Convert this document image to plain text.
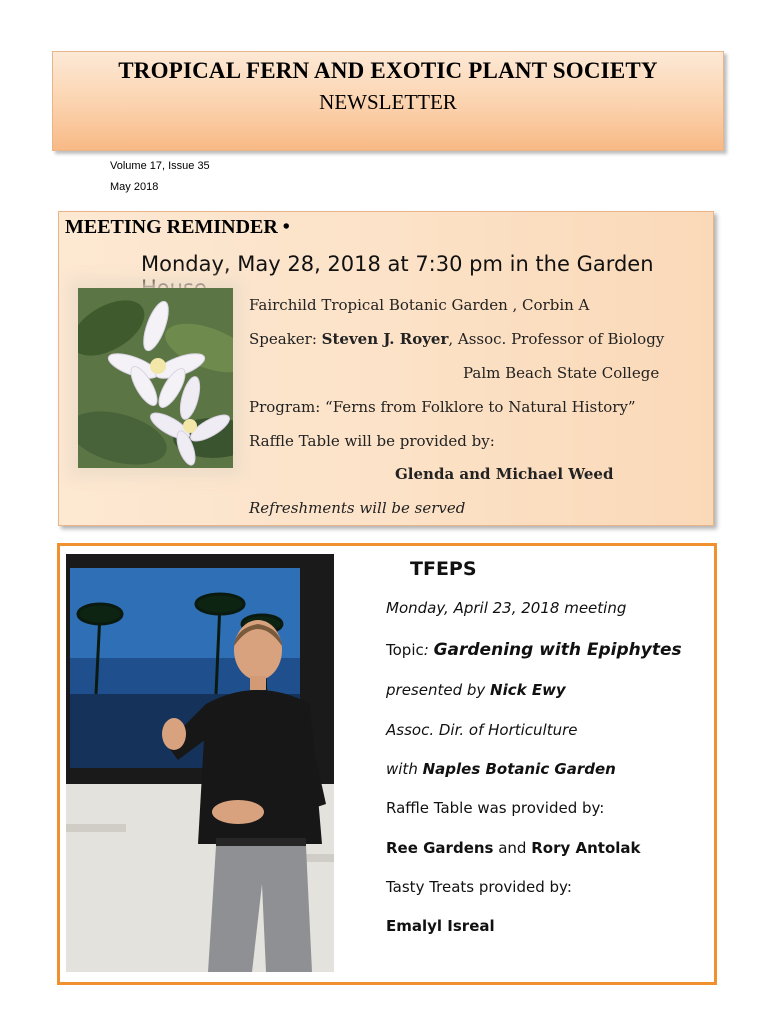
TROPICAL FERN AND EXOTIC PLANT SOCIETY
NEWSLETTER
Volume 17, Issue 35
May 2018
MEETING REMINDER •
Monday, May 28, 2018 at 7:30 pm in the Garden
Fairchild Tropical Botanic Garden , Corbin A
Speaker: Steven J. Royer, Assoc. Professor of Biology
Palm Beach State College
Program: “Ferns from Folklore to Natural History”
Raffle Table will be provided by:
Glenda and Michael Weed
Refreshments will be served
TFEPS
Monday, April 23, 2018 meeting
Topic: Gardening with Epiphytes
presented by Nick Ewy
Assoc. Dir. of Horticulture
with Naples Botanic Garden
Raffle Table was provided by:
Ree Gardens and Rory Antolak
Tasty Treats provided by:
Emalyl Isreal
